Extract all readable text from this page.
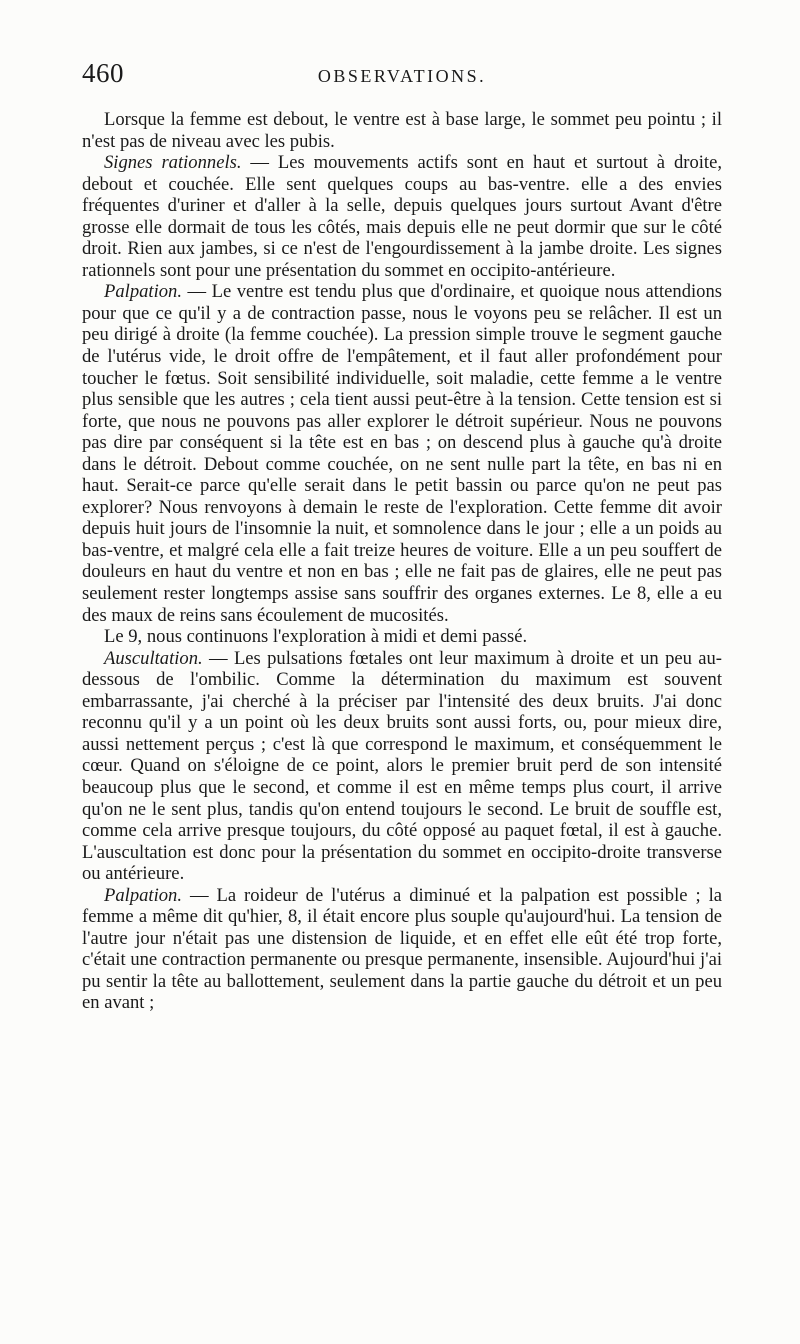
460	OBSERVATIONS.

Lorsque la femme est debout, le ventre est à base large, le sommet peu pointu ; il n'est pas de niveau avec les pubis.

Signes rationnels. — Les mouvements actifs sont en haut et surtout à droite, debout et couchée. Elle sent quelques coups au bas-ventre. elle a des envies fréquentes d'uriner et d'aller à la selle, depuis quelques jours surtout Avant d'être grosse elle dormait de tous les côtés, mais depuis elle ne peut dormir que sur le côté droit. Rien aux jambes, si ce n'est de l'engourdissement à la jambe droite. Les signes rationnels sont pour une présentation du sommet en occipito-antérieure.

Palpation. — Le ventre est tendu plus que d'ordinaire, et quoique nous attendions pour que ce qu'il y a de contraction passe, nous le voyons peu se relâcher. Il est un peu dirigé à droite (la femme couchée). La pression simple trouve le segment gauche de l'utérus vide, le droit offre de l'empâtement, et il faut aller profondément pour toucher le fœtus. Soit sensibilité individuelle, soit maladie, cette femme a le ventre plus sensible que les autres ; cela tient aussi peut-être à la tension. Cette tension est si forte, que nous ne pouvons pas aller explorer le détroit supérieur. Nous ne pouvons pas dire par conséquent si la tête est en bas ; on descend plus à gauche qu'à droite dans le détroit. Debout comme couchée, on ne sent nulle part la tête, en bas ni en haut. Serait-ce parce qu'elle serait dans le petit bassin ou parce qu'on ne peut pas explorer? Nous renvoyons à demain le reste de l'exploration. Cette femme dit avoir depuis huit jours de l'insomnie la nuit, et somnolence dans le jour ; elle a un poids au bas-ventre, et malgré cela elle a fait treize heures de voiture. Elle a un peu souffert de douleurs en haut du ventre et non en bas ; elle ne fait pas de glaires, elle ne peut pas seulement rester longtemps assise sans souffrir des organes externes. Le 8, elle a eu des maux de reins sans écoulement de mucosités.

Le 9, nous continuons l'exploration à midi et demi passé.

Auscultation. — Les pulsations fœtales ont leur maximum à droite et un peu au-dessous de l'ombilic. Comme la détermination du maximum est souvent embarrassante, j'ai cherché à la préciser par l'intensité des deux bruits. J'ai donc reconnu qu'il y a un point où les deux bruits sont aussi forts, ou, pour mieux dire, aussi nettement perçus ; c'est là que correspond le maximum, et conséquemment le cœur. Quand on s'éloigne de ce point, alors le premier bruit perd de son intensité beaucoup plus que le second, et comme il est en même temps plus court, il arrive qu'on ne le sent plus, tandis qu'on entend toujours le second. Le bruit de souffle est, comme cela arrive presque toujours, du côté opposé au paquet fœtal, il est à gauche. L'auscultation est donc pour la présentation du sommet en occipito-droite transverse ou antérieure.

Palpation. — La roideur de l'utérus a diminué et la palpation est possible ; la femme a même dit qu'hier, 8, il était encore plus souple qu'aujourd'hui. La tension de l'autre jour n'était pas une distension de liquide, et en effet elle eût été trop forte, c'était une contraction permanente ou presque permanente, insensible. Aujourd'hui j'ai pu sentir la tête au ballottement, seulement dans la partie gauche du détroit et un peu en avant ;
